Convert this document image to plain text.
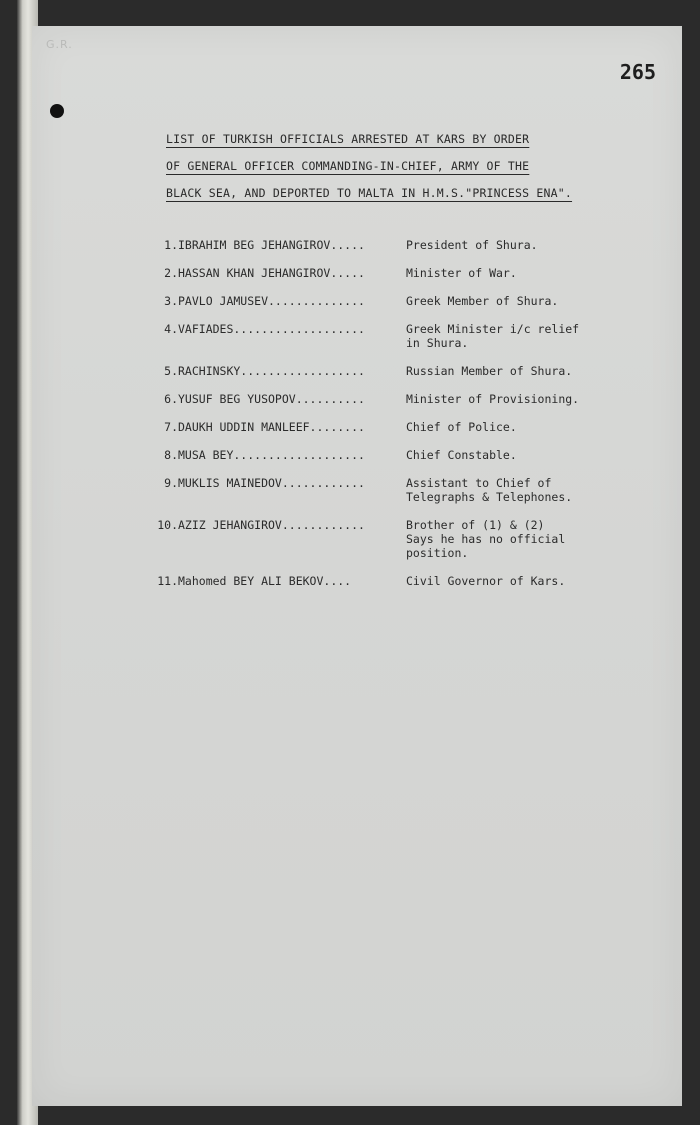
G.R.
265
LIST OF TURKISH OFFICIALS ARRESTED AT KARS BY ORDER
OF GENERAL OFFICER COMMANDING-IN-CHIEF, ARMY OF THE
BLACK SEA, AND DEPORTED TO MALTA IN H.M.S."PRINCESS ENA".
1. IBRAHIM BEG JEHANGIROV.....	President of Shura.
2. HASSAN KHAN JEHANGIROV.....	Minister of War.
3. PAVLO JAMUSEV..............	Greek Member of Shura.
4. VAFIADES...................	Greek Minister i/c relief
in Shura.
5. RACHINSKY..................	Russian Member of Shura.
6. YUSUF BEG YUSOPOV..........	Minister of Provisioning.
7. DAUKH UDDIN MANLEEF........	Chief of Police.
8. MUSA BEY...................	Chief Constable.
9. MUKLIS MAINEDOV............	Assistant to Chief of
Telegraphs & Telephones.
10. AZIZ JEHANGIROV............	Brother of (1) & (2)
Says he has no official
position.
11. Mahomed BEY ALI BEKOV....	Civil Governor of Kars.
